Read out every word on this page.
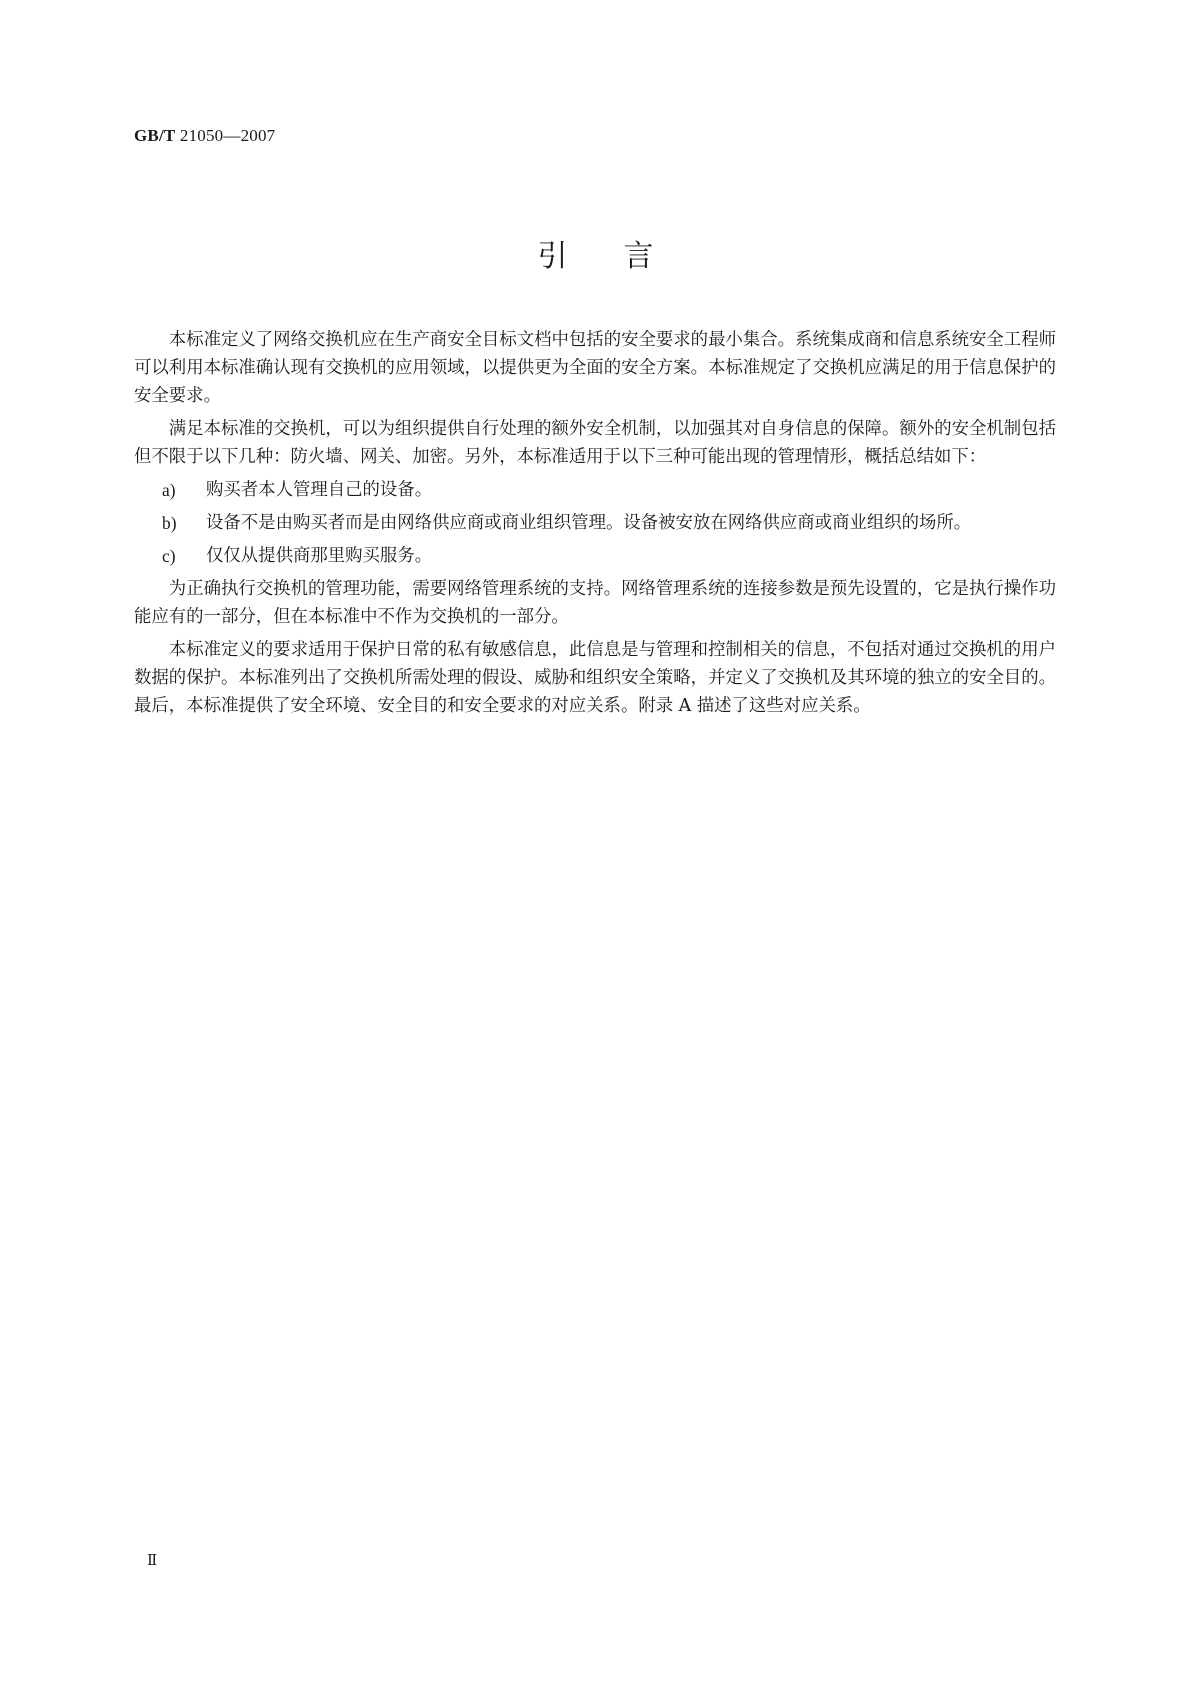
GB/T 21050—2007
引言

本标准定义了网络交换机应在生产商安全目标文档中包括的安全要求的最小集合。系统集成商和信息系统安全工程师可以利用本标准确认现有交换机的应用领域，以提供更为全面的安全方案。本标准规定了交换机应满足的用于信息保护的安全要求。

满足本标准的交换机，可以为组织提供自行处理的额外安全机制，以加强其对自身信息的保障。额外的安全机制包括但不限于以下几种：防火墙、网关、加密。另外，本标准适用于以下三种可能出现的管理情形，概括总结如下：

a)	购买者本人管理自己的设备。
b)	设备不是由购买者而是由网络供应商或商业组织管理。设备被安放在网络供应商或商业组织的场所。
c)	仅仅从提供商那里购买服务。

为正确执行交换机的管理功能，需要网络管理系统的支持。网络管理系统的连接参数是预先设置的，它是执行操作功能应有的一部分，但在本标准中不作为交换机的一部分。

本标准定义的要求适用于保护日常的私有敏感信息，此信息是与管理和控制相关的信息，不包括对通过交换机的用户数据的保护。本标准列出了交换机所需处理的假设、威胁和组织安全策略，并定义了交换机及其环境的独立的安全目的。最后，本标准提供了安全环境、安全目的和安全要求的对应关系。附录 A 描述了这些对应关系。

Ⅱ
